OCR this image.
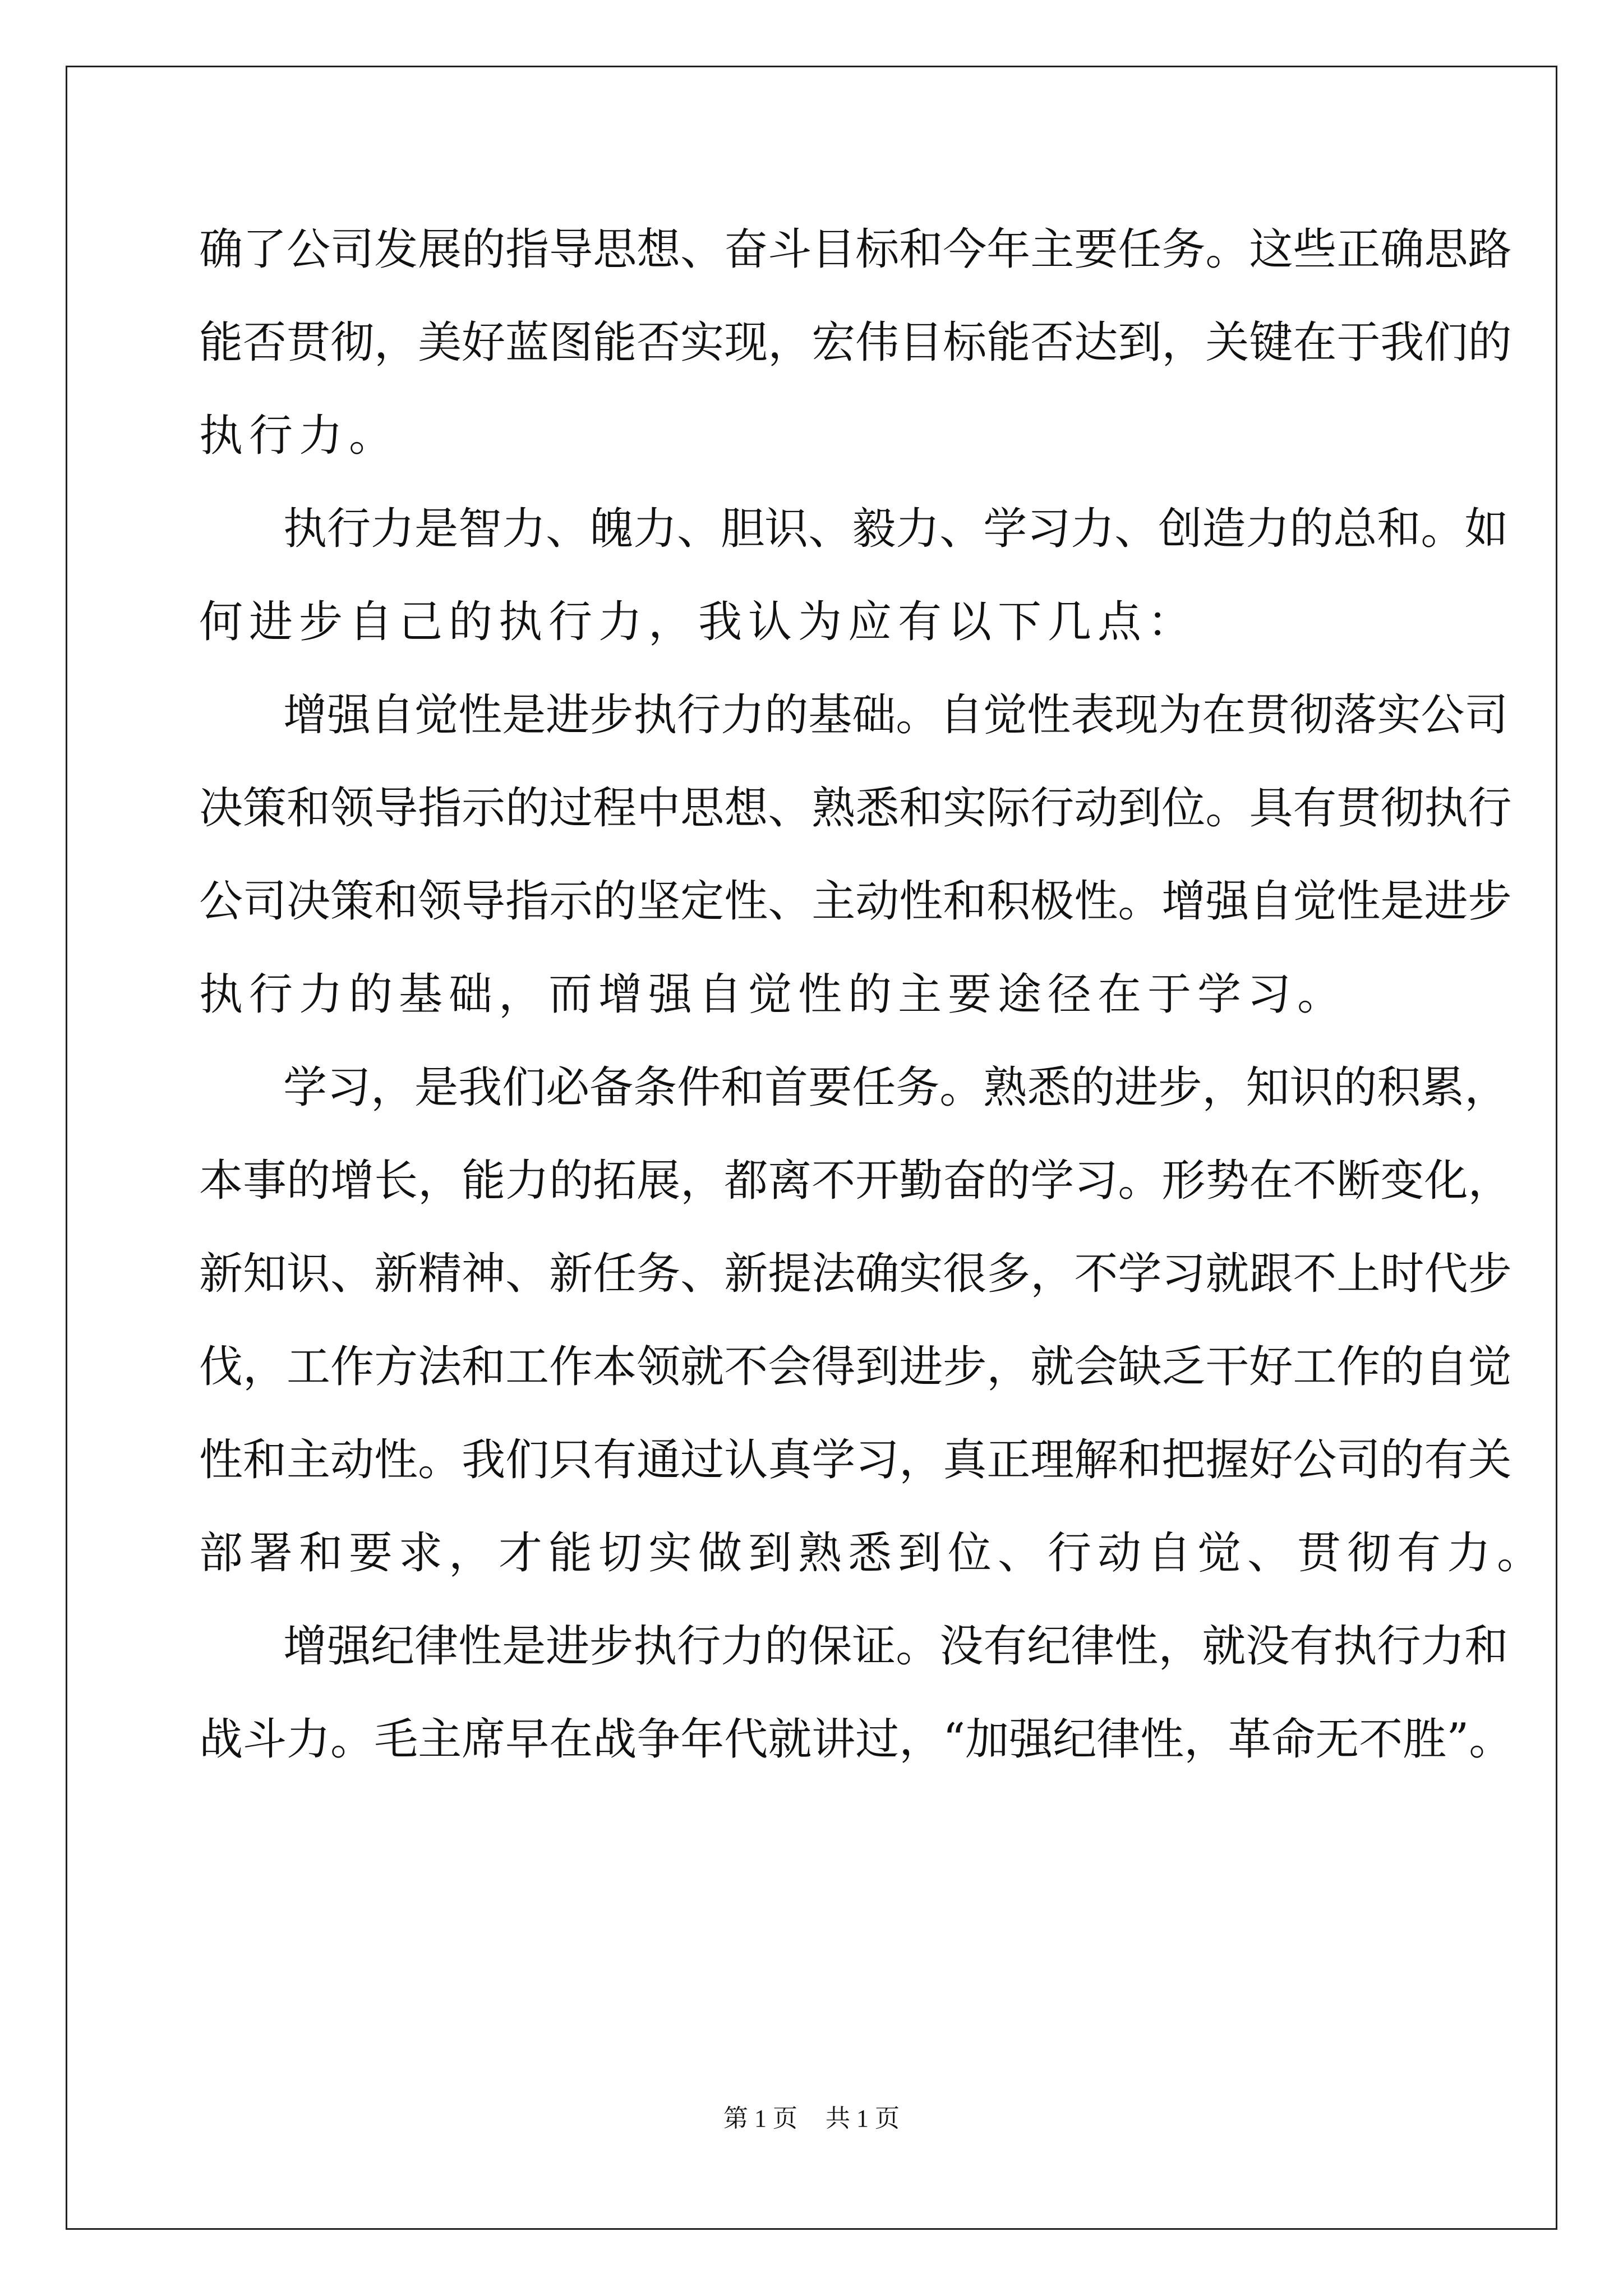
确 了 公 司 发 展 的 指 导 思 想 、 奋 斗 目 标 和 今 年 主 要 任 务 。 这 些 正 确 思 路
能 否 贯 彻 ， 美 好 蓝 图 能 否 实 现 ， 宏 伟 目 标 能 否 达 到 ， 关 键 在 于 我 们 的
执行力。
执 行 力 是 智 力 、 魄 力 、 胆 识 、 毅 力 、 学 习 力 、 创 造 力 的 总 和 。 如
何进步自己的执行力，我认为应有以下几点：
增 强 自 觉 性 是 进 步 执 行 力 的 基 础 。 自 觉 性 表 现 为 在 贯 彻 落 实 公 司
决 策 和 领 导 指 示 的 过 程 中 思 想 、 熟 悉 和 实 际 行 动 到 位 。 具 有 贯 彻 执 行
公 司 决 策 和 领 导 指 示 的 坚 定 性 、 主 动 性 和 积 极 性 。 增 强 自 觉 性 是 进 步
执行力的基础，而增强自觉性的主要途径在于学习。
学 习 ， 是 我 们 必 备 条 件 和 首 要 任 务 。 熟 悉 的 进 步 ， 知 识 的 积 累 ，
本 事 的 增 长 ， 能 力 的 拓 展 ， 都 离 不 开 勤 奋 的 学 习 。 形 势 在 不 断 变 化 ，
新 知 识 、 新 精 神 、 新 任 务 、 新 提 法 确 实 很 多 ， 不 学 习 就 跟 不 上 时 代 步
伐 ， 工 作 方 法 和 工 作 本 领 就 不 会 得 到 进 步 ， 就 会 缺 乏 干 好 工 作 的 自 觉
性 和 主 动 性 。 我 们 只 有 通 过 认 真 学 习 ， 真 正 理 解 和 把 握 好 公 司 的 有 关
部署和要求，才能切实做到熟悉到位、行动自觉、贯彻有力。
增 强 纪 律 性 是 进 步 执 行 力 的 保 证 。 没 有 纪 律 性 ， 就 没 有 执 行 力 和
战 斗 力 。 毛 主 席 早 在 战 争 年 代 就 讲 过 ， “ 加 强 纪 律 性 ， 革 命 无 不 胜 ” 。
第 1 页 共 1 页
